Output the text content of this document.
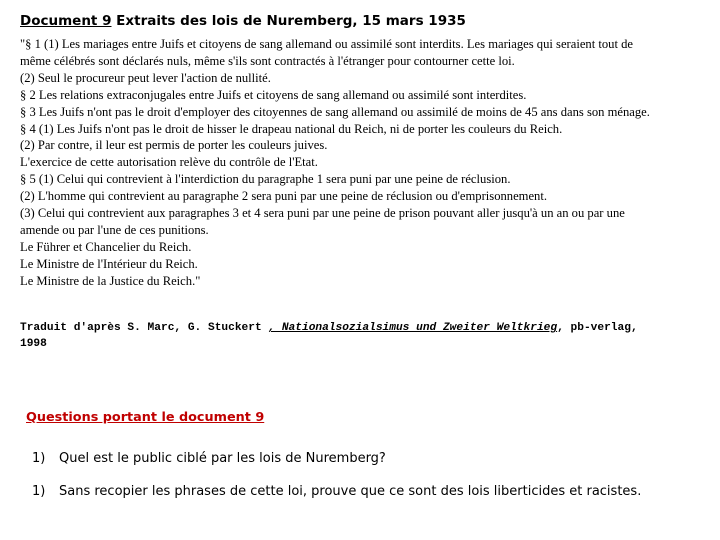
Document 9 Extraits des lois de Nuremberg, 15 mars 1935
"§ 1 (1) Les mariages entre Juifs et citoyens de sang allemand ou assimilé sont interdits. Les mariages qui seraient tout de même célébrés sont déclarés nuls, même s'ils sont contractés à l'étranger pour contourner cette loi.
(2) Seul le procureur peut lever l'action de nullité.
§ 2 Les relations extraconjugales entre Juifs et citoyens de sang allemand ou assimilé sont interdites.
§ 3 Les Juifs n'ont pas le droit d'employer des citoyennes de sang allemand ou assimilé de moins de 45 ans dans son ménage.
§ 4 (1) Les Juifs n'ont pas le droit de hisser le drapeau national du Reich, ni de porter les couleurs du Reich.
(2) Par contre, il leur est permis de porter les couleurs juives.
L'exercice de cette autorisation relève du contrôle de l'Etat.
§ 5 (1) Celui qui contrevient à l'interdiction du paragraphe 1 sera puni par une peine de réclusion.
(2) L'homme qui contrevient au paragraphe 2 sera puni par une peine de réclusion ou d'emprisonnement.
(3) Celui qui contrevient aux paragraphes 3 et 4 sera puni par une peine de prison pouvant aller jusqu'à un an ou par une amende ou par l'une de ces punitions.
Le Führer et Chancelier du Reich.
Le Ministre de l'Intérieur du Reich.
Le Ministre de la Justice du Reich."
Traduit d'après S. Marc, G. Stuckert , Nationalsozialsimus und Zweiter Weltkrieg, pb-verlag, 1998
Questions portant le document 9
1) Quel est le public ciblé par les lois de Nuremberg?
1) Sans recopier les phrases de cette loi, prouve que ce sont des lois liberticides et racistes.
